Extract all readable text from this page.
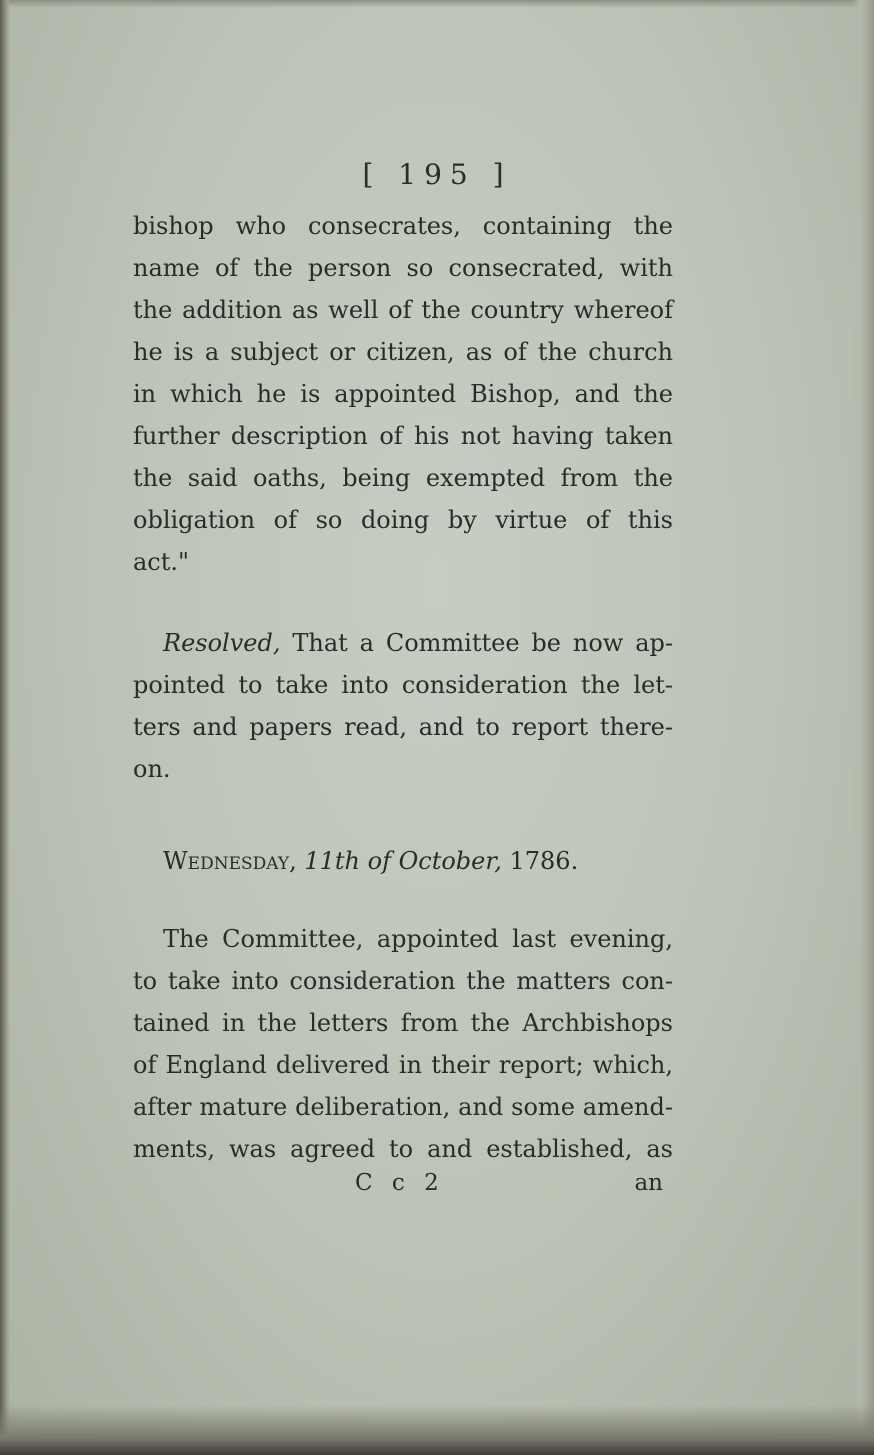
[ 195 ]
bishop who consecrates, containing the
name of the person so consecrated, with
the addition as well of the country whereof
he is a subject or citizen, as of the church
in which he is appointed Bishop, and the
further description of his not having taken
the said oaths, being exempted from the
obligation of so doing by virtue of this
act."
Resolved, That a Committee be now ap-
pointed to take into consideration the let-
ters and papers read, and to report there-
on.
Wednesday, 11th of October, 1786.
The Committee, appointed last evening,
to take into consideration the matters con-
tained in the letters from the Archbishops
of England delivered in their report; which,
after mature deliberation, and some amend-
ments, was agreed to and established, as
C c 2	an
